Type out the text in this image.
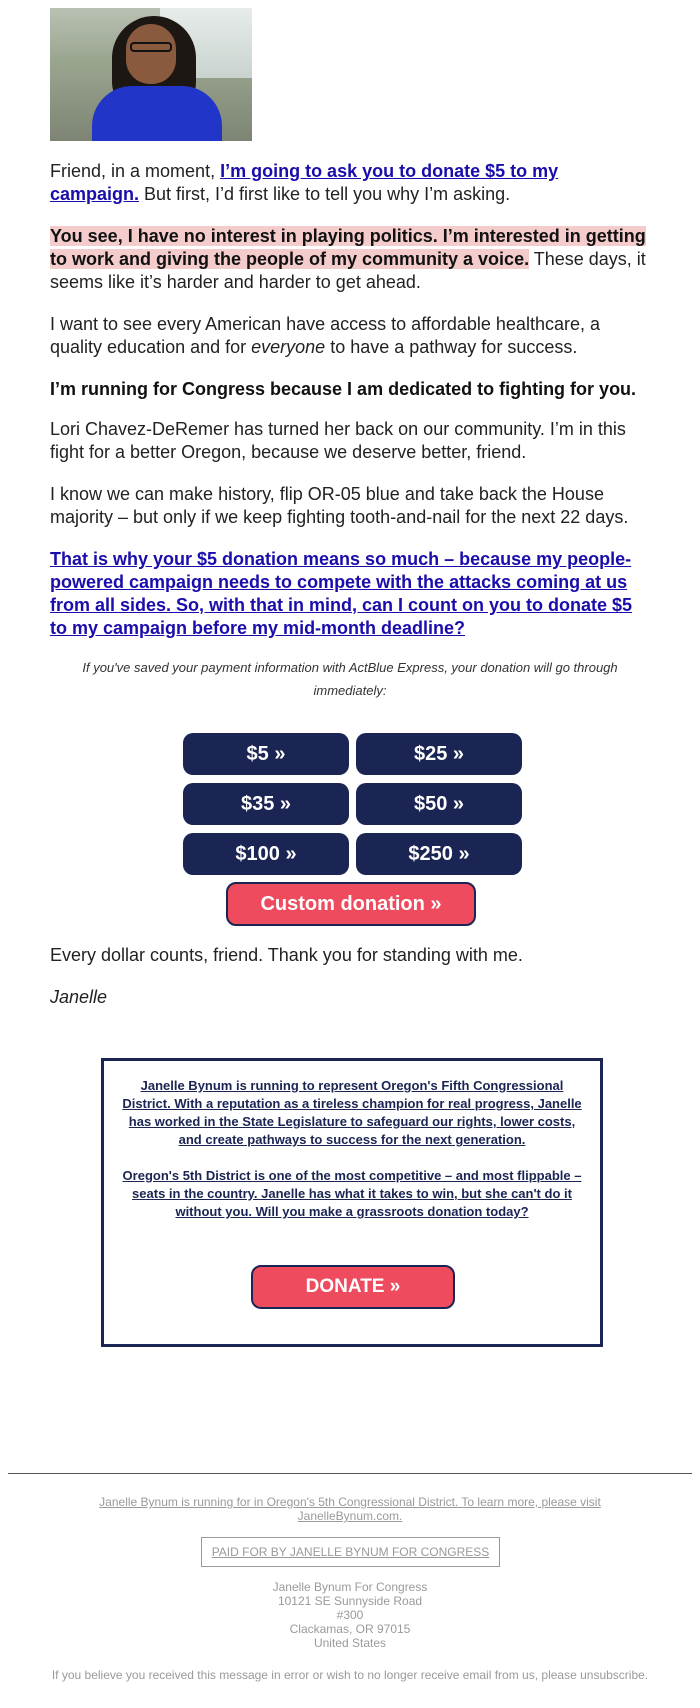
Friend, in a moment, I’m going to ask you to donate $5 to my campaign. But first, I’d first like to tell you why I’m asking.

You see, I have no interest in playing politics. I’m interested in getting to work and giving the people of my community a voice. These days, it seems like it’s harder and harder to get ahead.

I want to see every American have access to affordable healthcare, a quality education and for everyone to have a pathway for success.

I’m running for Congress because I am dedicated to fighting for you.

Lori Chavez-DeRemer has turned her back on our community. I’m in this fight for a better Oregon, because we deserve better, friend.

I know we can make history, flip OR-05 blue and take back the House majority – but only if we keep fighting tooth-and-nail for the next 22 days.

That is why your $5 donation means so much – because my people-powered campaign needs to compete with the attacks coming at us from all sides. So, with that in mind, can I count on you to donate $5 to my campaign before my mid-month deadline?

If you've saved your payment information with ActBlue Express, your donation will go through immediately:
$5 »	$25 »
$35 »	$50 »
$100 »	$250 »
Custom donation »

Every dollar counts, friend. Thank you for standing with me.

Janelle

Janelle Bynum is running to represent Oregon's Fifth Congressional District. With a reputation as a tireless champion for real progress, Janelle has worked in the State Legislature to safeguard our rights, lower costs, and create pathways to success for the next generation.
Oregon's 5th District is one of the most competitive – and most flippable – seats in the country. Janelle has what it takes to win, but she can't do it without you. Will you make a grassroots donation today?
DONATE »
Janelle Bynum is running for in Oregon's 5th Congressional District. To learn more, please visit JanelleBynum.com.
PAID FOR BY JANELLE BYNUM FOR CONGRESS
Janelle Bynum For Congress
10121 SE Sunnyside Road
#300
Clackamas, OR 97015
United States
If you believe you received this message in error or wish to no longer receive email from us, please unsubscribe.
